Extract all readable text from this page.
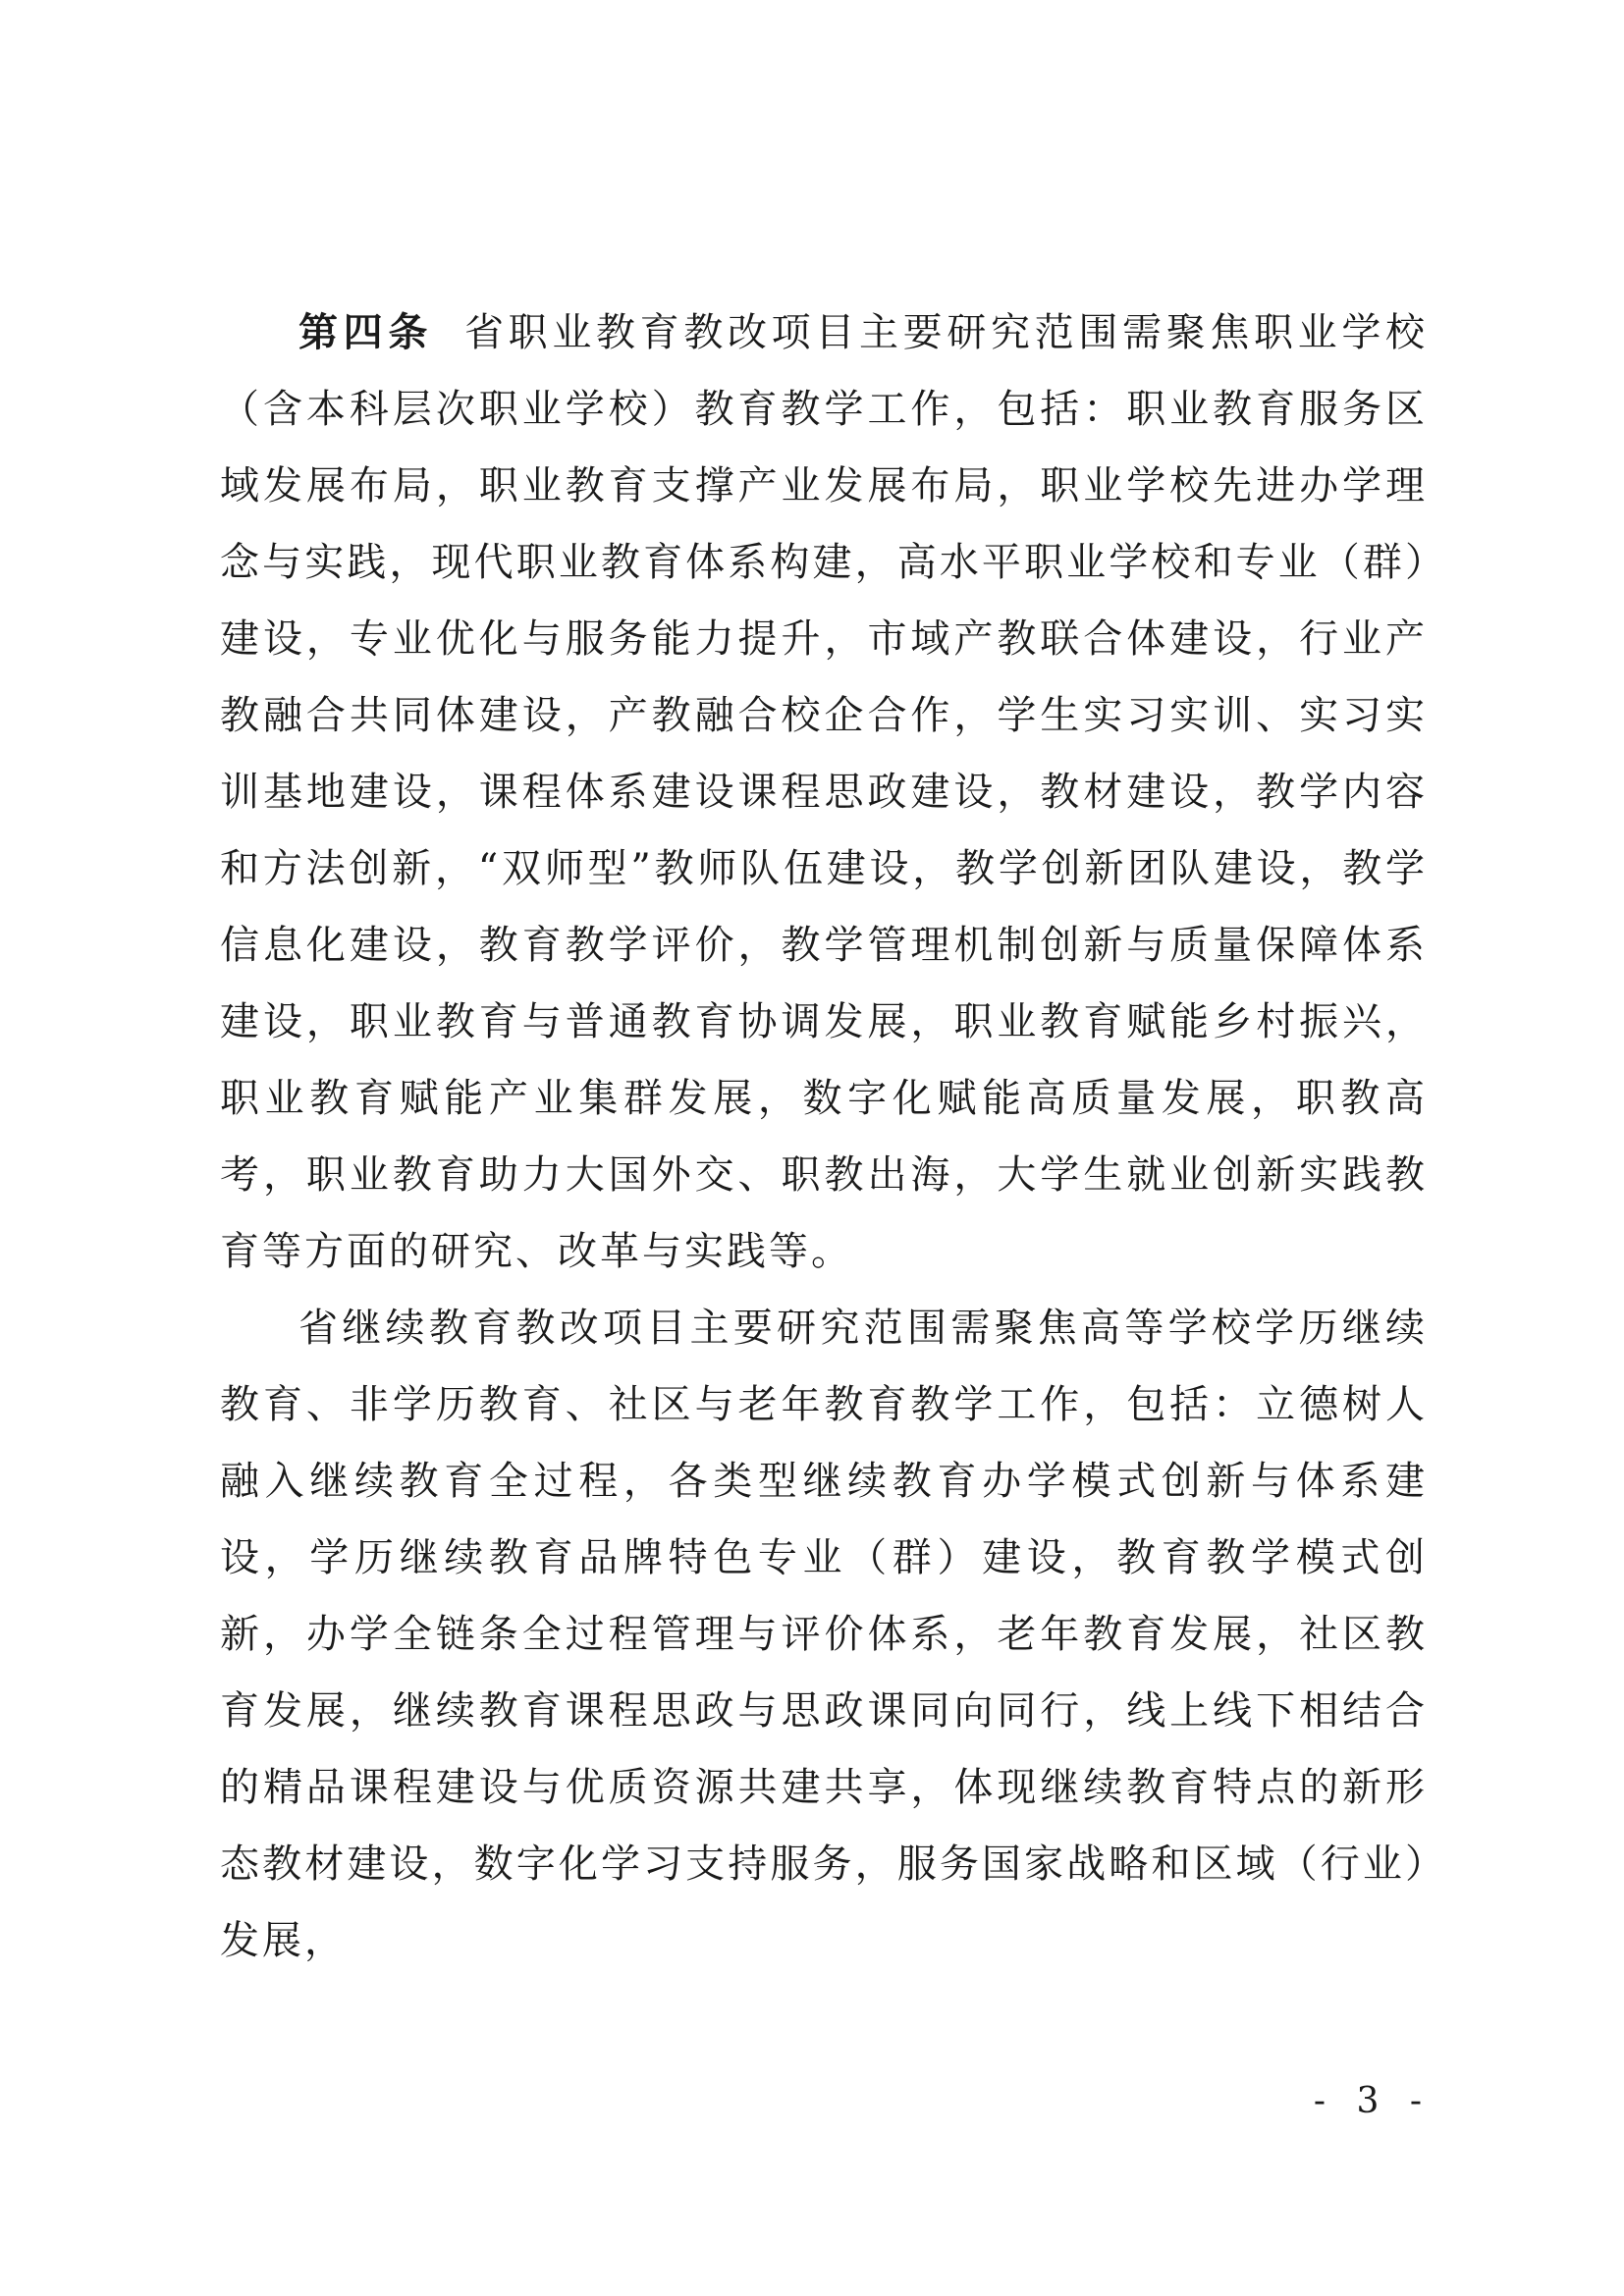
第四条 省职业教育教改项目主要研究范围需聚焦职业学校（含本科层次职业学校）教育教学工作，包括：职业教育服务区域发展布局，职业教育支撑产业发展布局，职业学校先进办学理念与实践，现代职业教育体系构建，高水平职业学校和专业（群）建设，专业优化与服务能力提升，市域产教联合体建设，行业产教融合共同体建设，产教融合校企合作，学生实习实训、实习实训基地建设，课程体系建设课程思政建设，教材建设，教学内容和方法创新，“双师型”教师队伍建设，教学创新团队建设，教学信息化建设，教育教学评价，教学管理机制创新与质量保障体系建设，职业教育与普通教育协调发展，职业教育赋能乡村振兴，职业教育赋能产业集群发展，数字化赋能高质量发展，职教高考，职业教育助力大国外交、职教出海，大学生就业创新实践教育等方面的研究、改革与实践等。

省继续教育教改项目主要研究范围需聚焦高等学校学历继续教育、非学历教育、社区与老年教育教学工作，包括：立德树人融入继续教育全过程，各类型继续教育办学模式创新与体系建设，学历继续教育品牌特色专业（群）建设，教育教学模式创新，办学全链条全过程管理与评价体系，老年教育发展，社区教育发展，继续教育课程思政与思政课同向同行，线上线下相结合的精品课程建设与优质资源共建共享，体现继续教育特点的新形态教材建设，数字化学习支持服务，服务国家战略和区域（行业）发展，

- 3 -
